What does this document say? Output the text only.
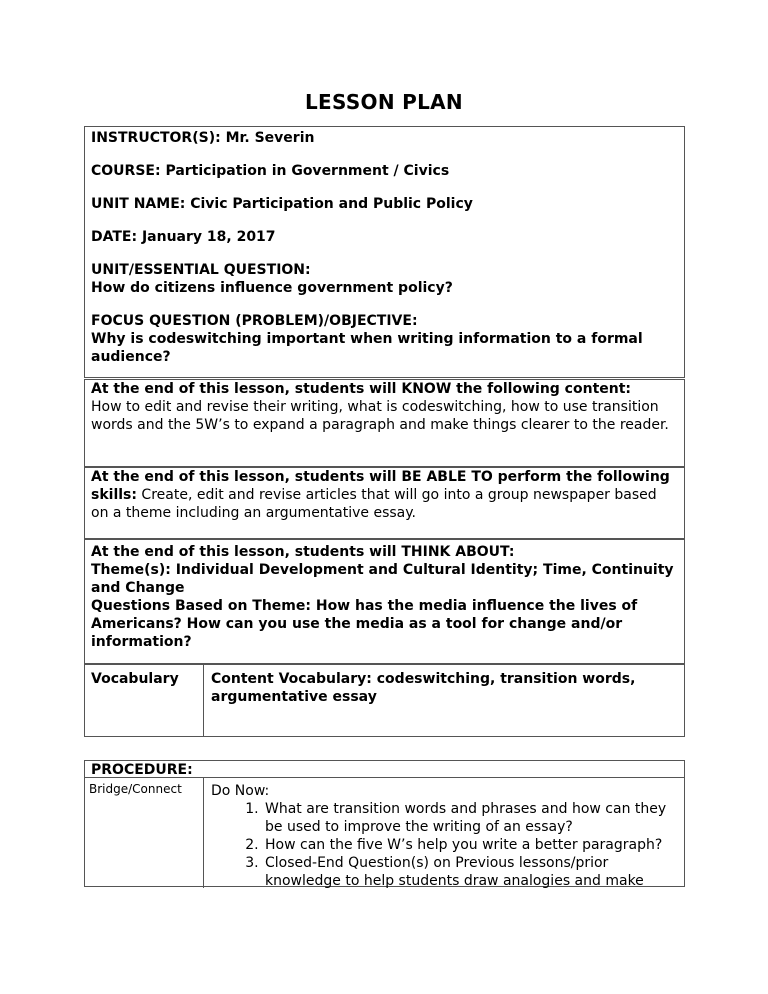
LESSON PLAN

INSTRUCTOR(S): Mr. Severin

COURSE: Participation in Government / Civics

UNIT NAME: Civic Participation and Public Policy

DATE: January 18, 2017

UNIT/ESSENTIAL QUESTION:
How do citizens influence government policy?

FOCUS QUESTION (PROBLEM)/OBJECTIVE:
Why is codeswitching important when writing information to a formal audience?

At the end of this lesson, students will KNOW the following content:
How to edit and revise their writing, what is codeswitching, how to use transition words and the 5W’s to expand a paragraph and make things clearer to the reader.
At the end of this lesson, students will BE ABLE TO perform the following skills: Create, edit and revise articles that will go into a group newspaper based on a theme including an argumentative essay.
At the end of this lesson, students will THINK ABOUT:
Theme(s): Individual Development and Cultural Identity; Time, Continuity and Change
Questions Based on Theme: How has the media influence the lives of Americans? How can you use the media as a tool for change and/or information?
Vocabulary Content Vocabulary: codeswitching, transition words, argumentative essay
PROCEDURE:
Bridge/Connect Do Now:
1. What are transition words and phrases and how can they be used to improve the writing of an essay?
2. How can the five W’s help you write a better paragraph?
3. Closed-End Question(s) on Previous lessons/prior knowledge to help students draw analogies and make
